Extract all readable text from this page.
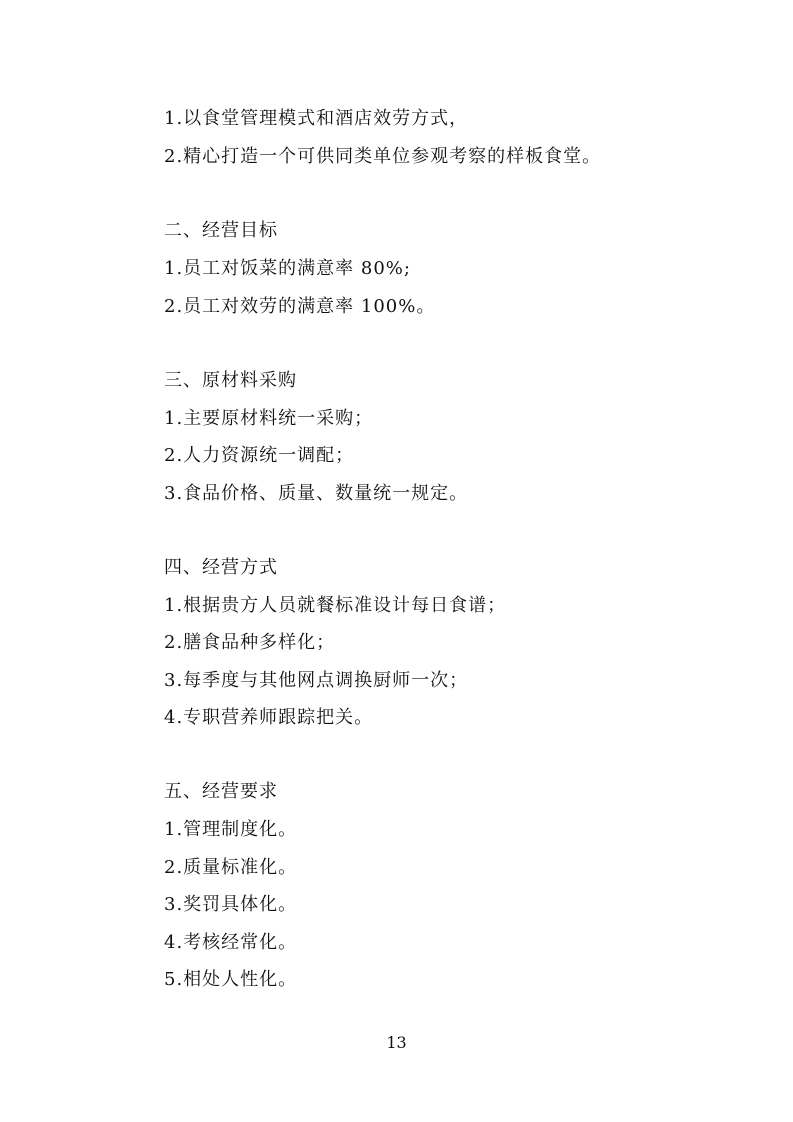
1.以食堂管理模式和酒店效劳方式，
2.精心打造一个可供同类单位参观考察的样板食堂。
二、经营目标
1.员工对饭菜的满意率 80%;
2.员工对效劳的满意率 100%。
三、原材料采购
1.主要原材料统一采购；
2.人力资源统一调配；
3.食品价格、质量、数量统一规定。
四、经营方式
1.根据贵方人员就餐标准设计每日食谱；
2.膳食品种多样化；
3.每季度与其他网点调换厨师一次；
4.专职营养师跟踪把关。
五、经营要求
1.管理制度化。
2.质量标准化。
3.奖罚具体化。
4.考核经常化。
5.相处人性化。
13
